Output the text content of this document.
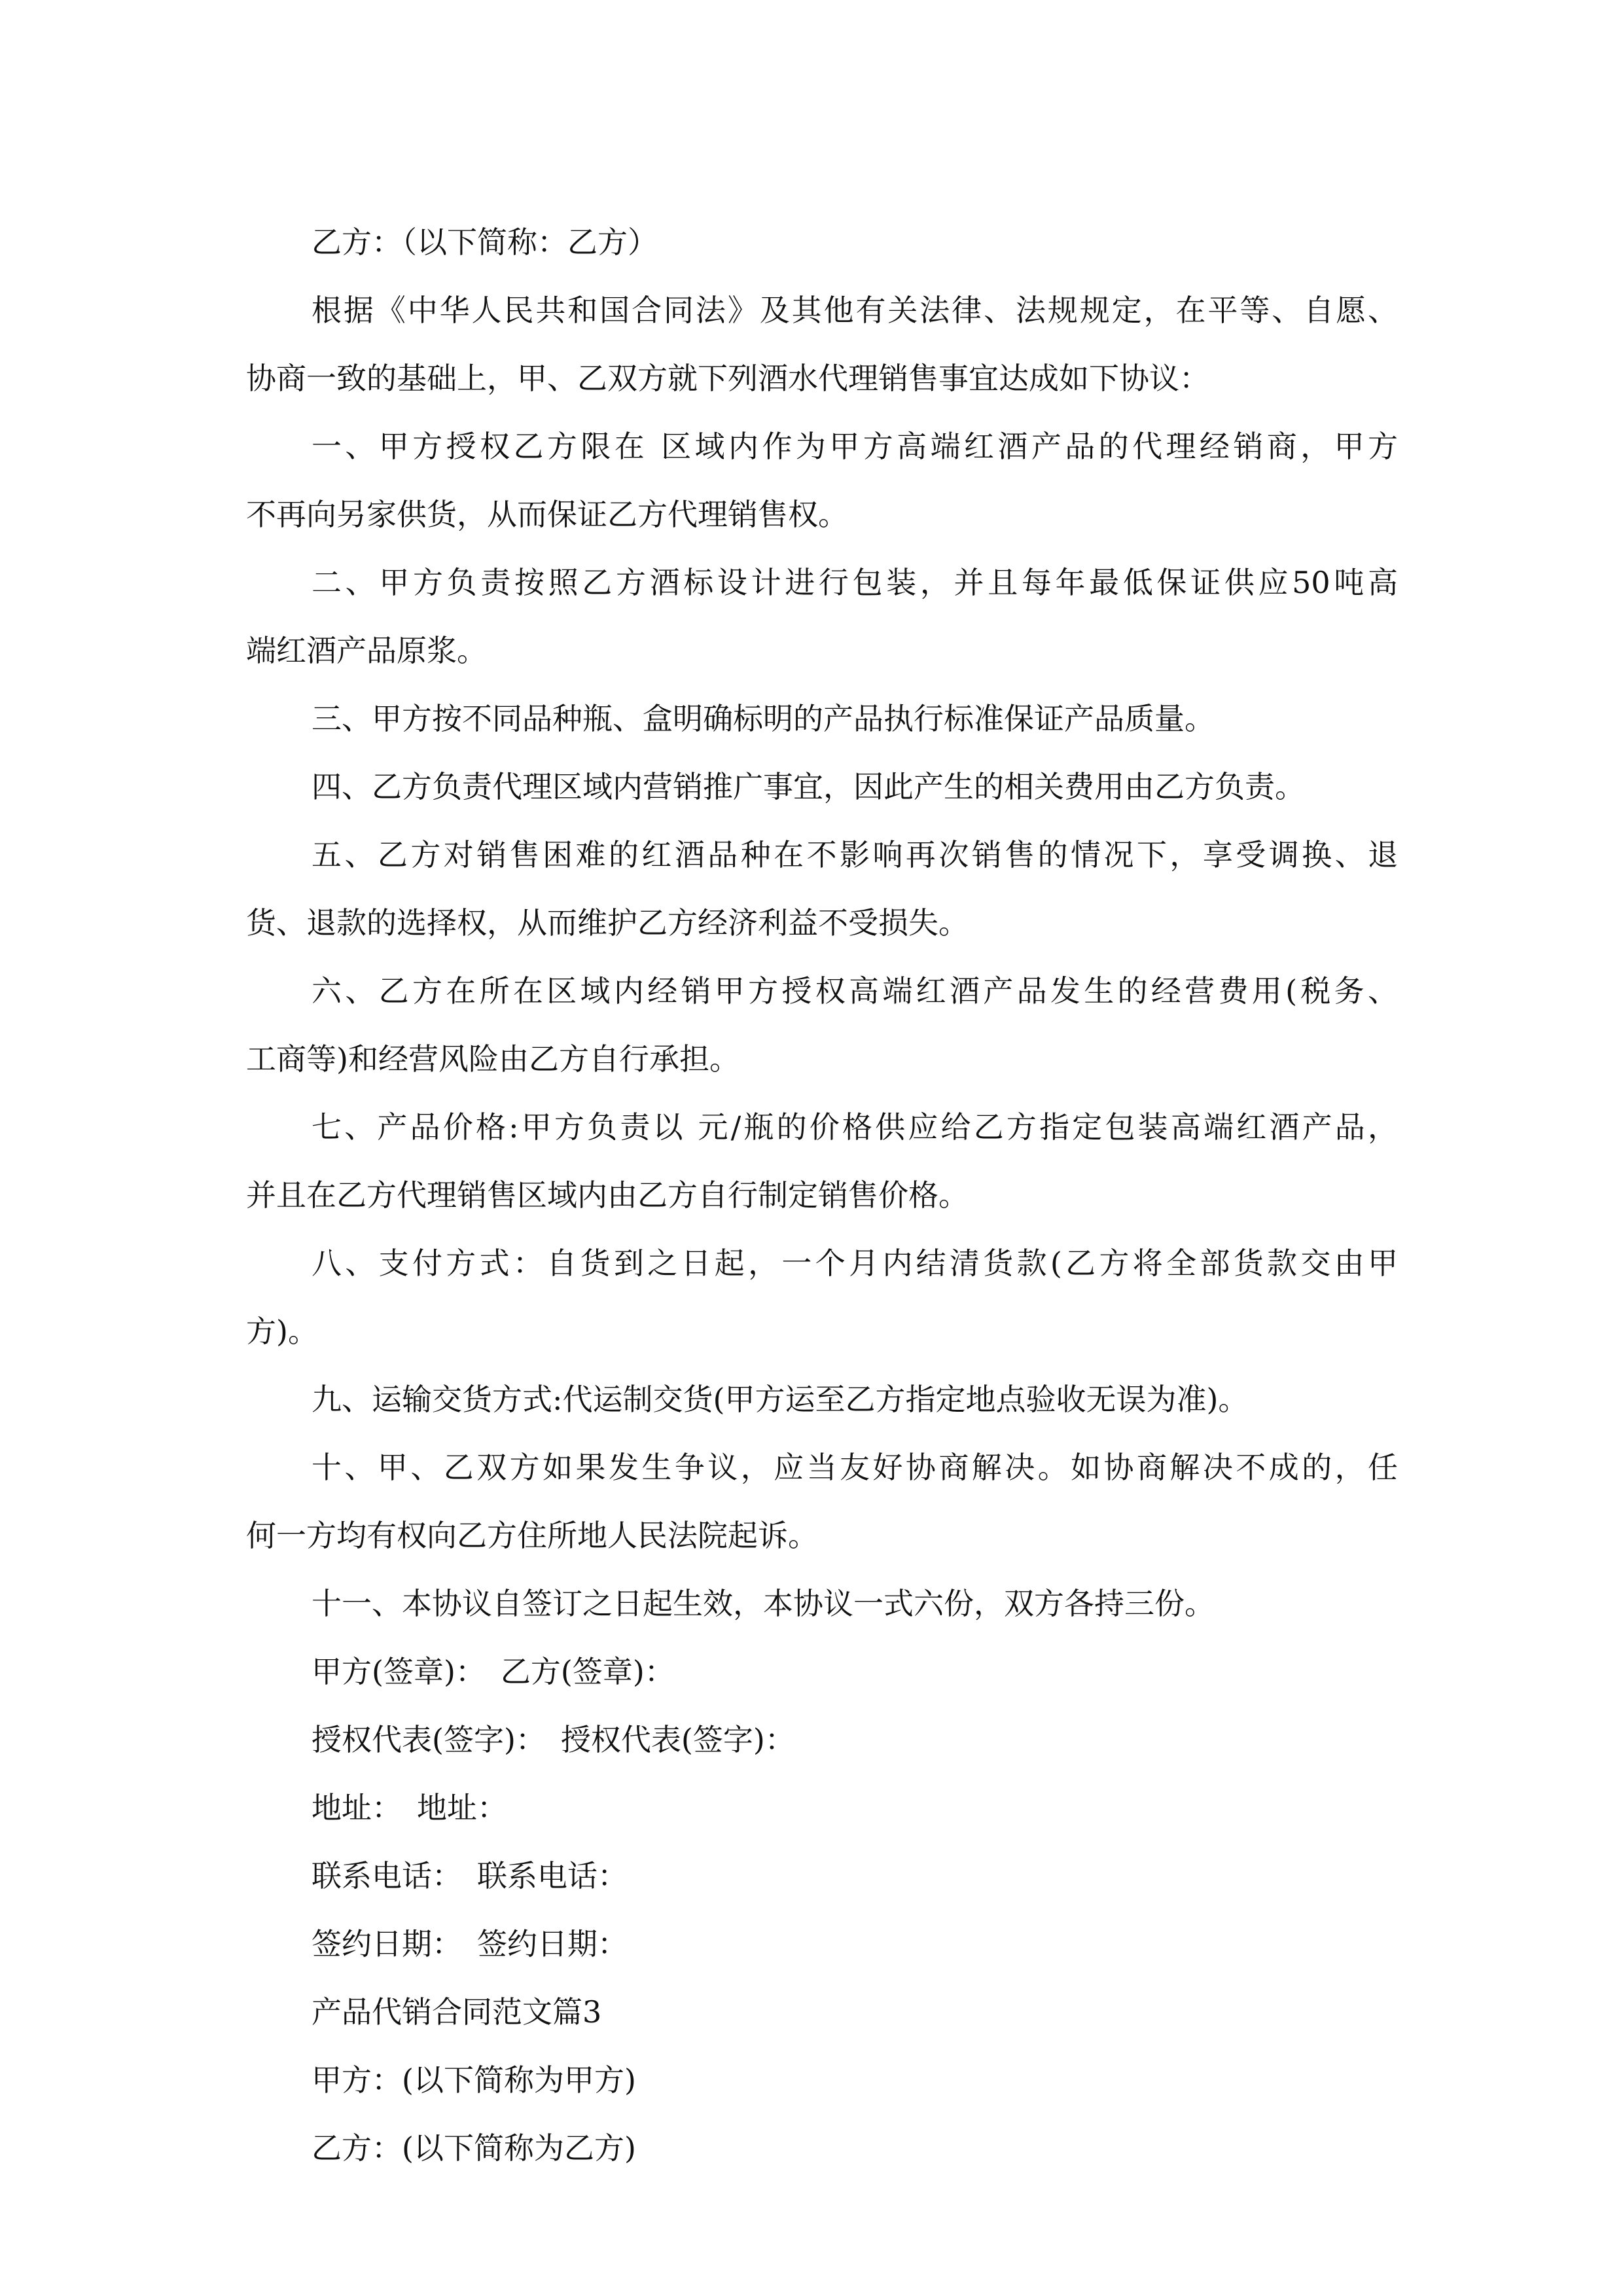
乙方：（以下简称：乙方）
根据《中华人民共和国合同法》及其他有关法律、法规规定，在平等、自愿、
协商一致的基础上，甲、乙双方就下列酒水代理销售事宜达成如下协议：
一、甲方授权乙方限在 区域内作为甲方高端红酒产品的代理经销商，甲方
不再向另家供货，从而保证乙方代理销售权。
二、甲方负责按照乙方酒标设计进行包装，并且每年最低保证供应50吨高
端红酒产品原浆。
三、甲方按不同品种瓶、盒明确标明的产品执行标准保证产品质量。
四、乙方负责代理区域内营销推广事宜，因此产生的相关费用由乙方负责。
五、乙方对销售困难的红酒品种在不影响再次销售的情况下，享受调换、退
货、退款的选择权，从而维护乙方经济利益不受损失。
六、乙方在所在区域内经销甲方授权高端红酒产品发生的经营费用(税务、
工商等)和经营风险由乙方自行承担。
七、产品价格:甲方负责以 元/瓶的价格供应给乙方指定包装高端红酒产品，
并且在乙方代理销售区域内由乙方自行制定销售价格。
八、支付方式：自货到之日起，一个月内结清货款(乙方将全部货款交由甲
方)。
九、运输交货方式:代运制交货(甲方运至乙方指定地点验收无误为准)。
十、甲、乙双方如果发生争议，应当友好协商解决。如协商解决不成的，任
何一方均有权向乙方住所地人民法院起诉。
十一、本协议自签订之日起生效，本协议一式六份，双方各持三份。
甲方(签章)：　乙方(签章)：
授权代表(签字)：　授权代表(签字)：
地址：　地址：
联系电话：　联系电话：
签约日期：　签约日期：
产品代销合同范文篇3
甲方：(以下简称为甲方)
乙方：(以下简称为乙方)
